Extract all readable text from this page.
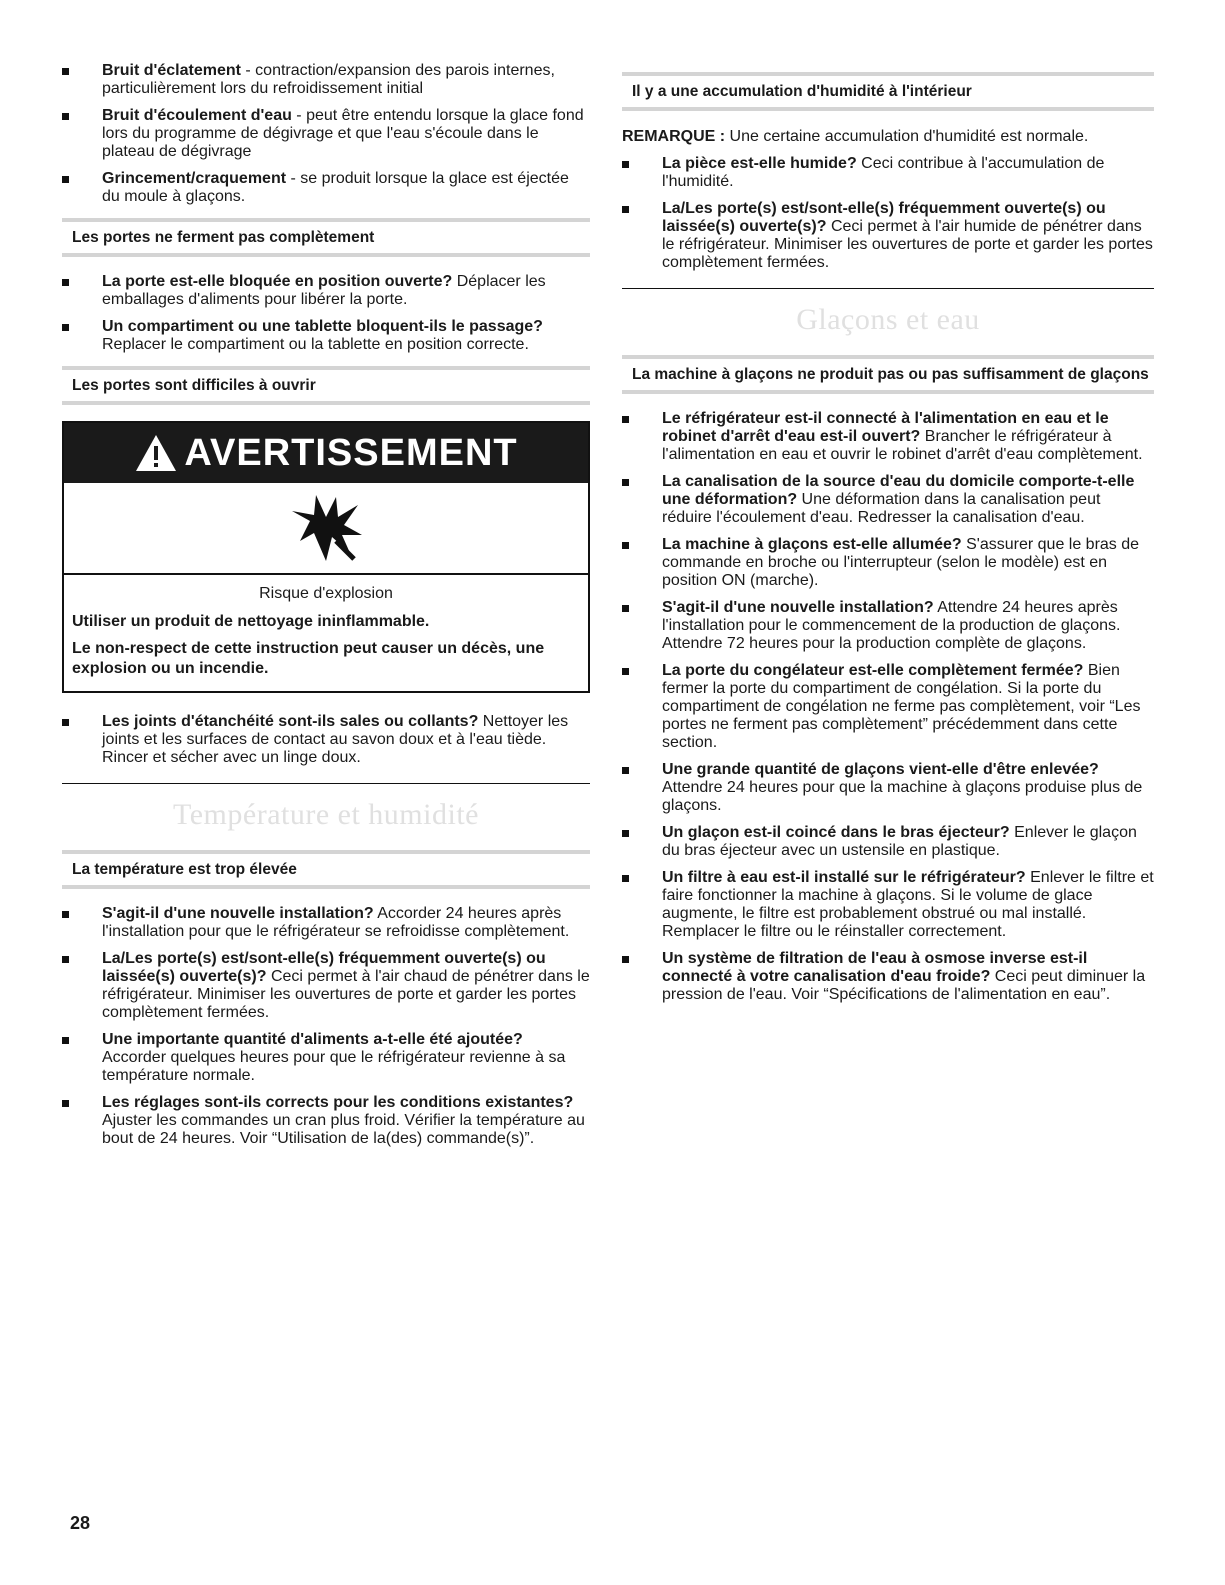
Bruit d'éclatement - contraction/expansion des parois internes, particulièrement lors du refroidissement initial
Bruit d'écoulement d'eau - peut être entendu lorsque la glace fond lors du programme de dégivrage et que l'eau s'écoule dans le plateau de dégivrage
Grincement/craquement - se produit lorsque la glace est éjectée du moule à glaçons.
Les portes ne ferment pas complètement
La porte est-elle bloquée en position ouverte? Déplacer les emballages d'aliments pour libérer la porte.
Un compartiment ou une tablette bloquent-ils le passage? Replacer le compartiment ou la tablette en position correcte.
Les portes sont difficiles à ouvrir
AVERTISSEMENT
Risque d'explosion
Utiliser un produit de nettoyage ininflammable.
Le non-respect de cette instruction peut causer un décès, une explosion ou un incendie.
Les joints d'étanchéité sont-ils sales ou collants? Nettoyer les joints et les surfaces de contact au savon doux et à l'eau tiède. Rincer et sécher avec un linge doux.
Température et humidité
La température est trop élevée
S'agit-il d'une nouvelle installation? Accorder 24 heures après l'installation pour que le réfrigérateur se refroidisse complètement.
La/Les porte(s) est/sont-elle(s) fréquemment ouverte(s) ou laissée(s) ouverte(s)? Ceci permet à l'air chaud de pénétrer dans le réfrigérateur. Minimiser les ouvertures de porte et garder les portes complètement fermées.
Une importante quantité d'aliments a-t-elle été ajoutée? Accorder quelques heures pour que le réfrigérateur revienne à sa température normale.
Les réglages sont-ils corrects pour les conditions existantes? Ajuster les commandes un cran plus froid. Vérifier la température au bout de 24 heures. Voir “Utilisation de la(des) commande(s)”.
Il y a une accumulation d'humidité à l'intérieur

REMARQUE : Une certaine accumulation d'humidité est normale.

La pièce est-elle humide? Ceci contribue à l'accumulation de l'humidité.
La/Les porte(s) est/sont-elle(s) fréquemment ouverte(s) ou laissée(s) ouverte(s)? Ceci permet à l'air humide de pénétrer dans le réfrigérateur. Minimiser les ouvertures de porte et garder les portes complètement fermées.
Glaçons et eau
La machine à glaçons ne produit pas ou pas suffisamment de glaçons
Le réfrigérateur est-il connecté à l'alimentation en eau et le robinet d'arrêt d'eau est-il ouvert? Brancher le réfrigérateur à l'alimentation en eau et ouvrir le robinet d'arrêt d'eau complètement.
La canalisation de la source d'eau du domicile comporte-t-elle une déformation? Une déformation dans la canalisation peut réduire l'écoulement d'eau. Redresser la canalisation d'eau.
La machine à glaçons est-elle allumée? S'assurer que le bras de commande en broche ou l'interrupteur (selon le modèle) est en position ON (marche).
S'agit-il d'une nouvelle installation? Attendre 24 heures après l'installation pour le commencement de la production de glaçons. Attendre 72 heures pour la production complète de glaçons.
La porte du congélateur est-elle complètement fermée? Bien fermer la porte du compartiment de congélation. Si la porte du compartiment de congélation ne ferme pas complètement, voir “Les portes ne ferment pas complètement” précédemment dans cette section.
Une grande quantité de glaçons vient-elle d'être enlevée? Attendre 24 heures pour que la machine à glaçons produise plus de glaçons.
Un glaçon est-il coincé dans le bras éjecteur? Enlever le glaçon du bras éjecteur avec un ustensile en plastique.
Un filtre à eau est-il installé sur le réfrigérateur? Enlever le filtre et faire fonctionner la machine à glaçons. Si le volume de glace augmente, le filtre est probablement obstrué ou mal installé. Remplacer le filtre ou le réinstaller correctement.
Un système de filtration de l'eau à osmose inverse est-il connecté à votre canalisation d'eau froide? Ceci peut diminuer la pression de l'eau. Voir “Spécifications de l'alimentation en eau”.
28
